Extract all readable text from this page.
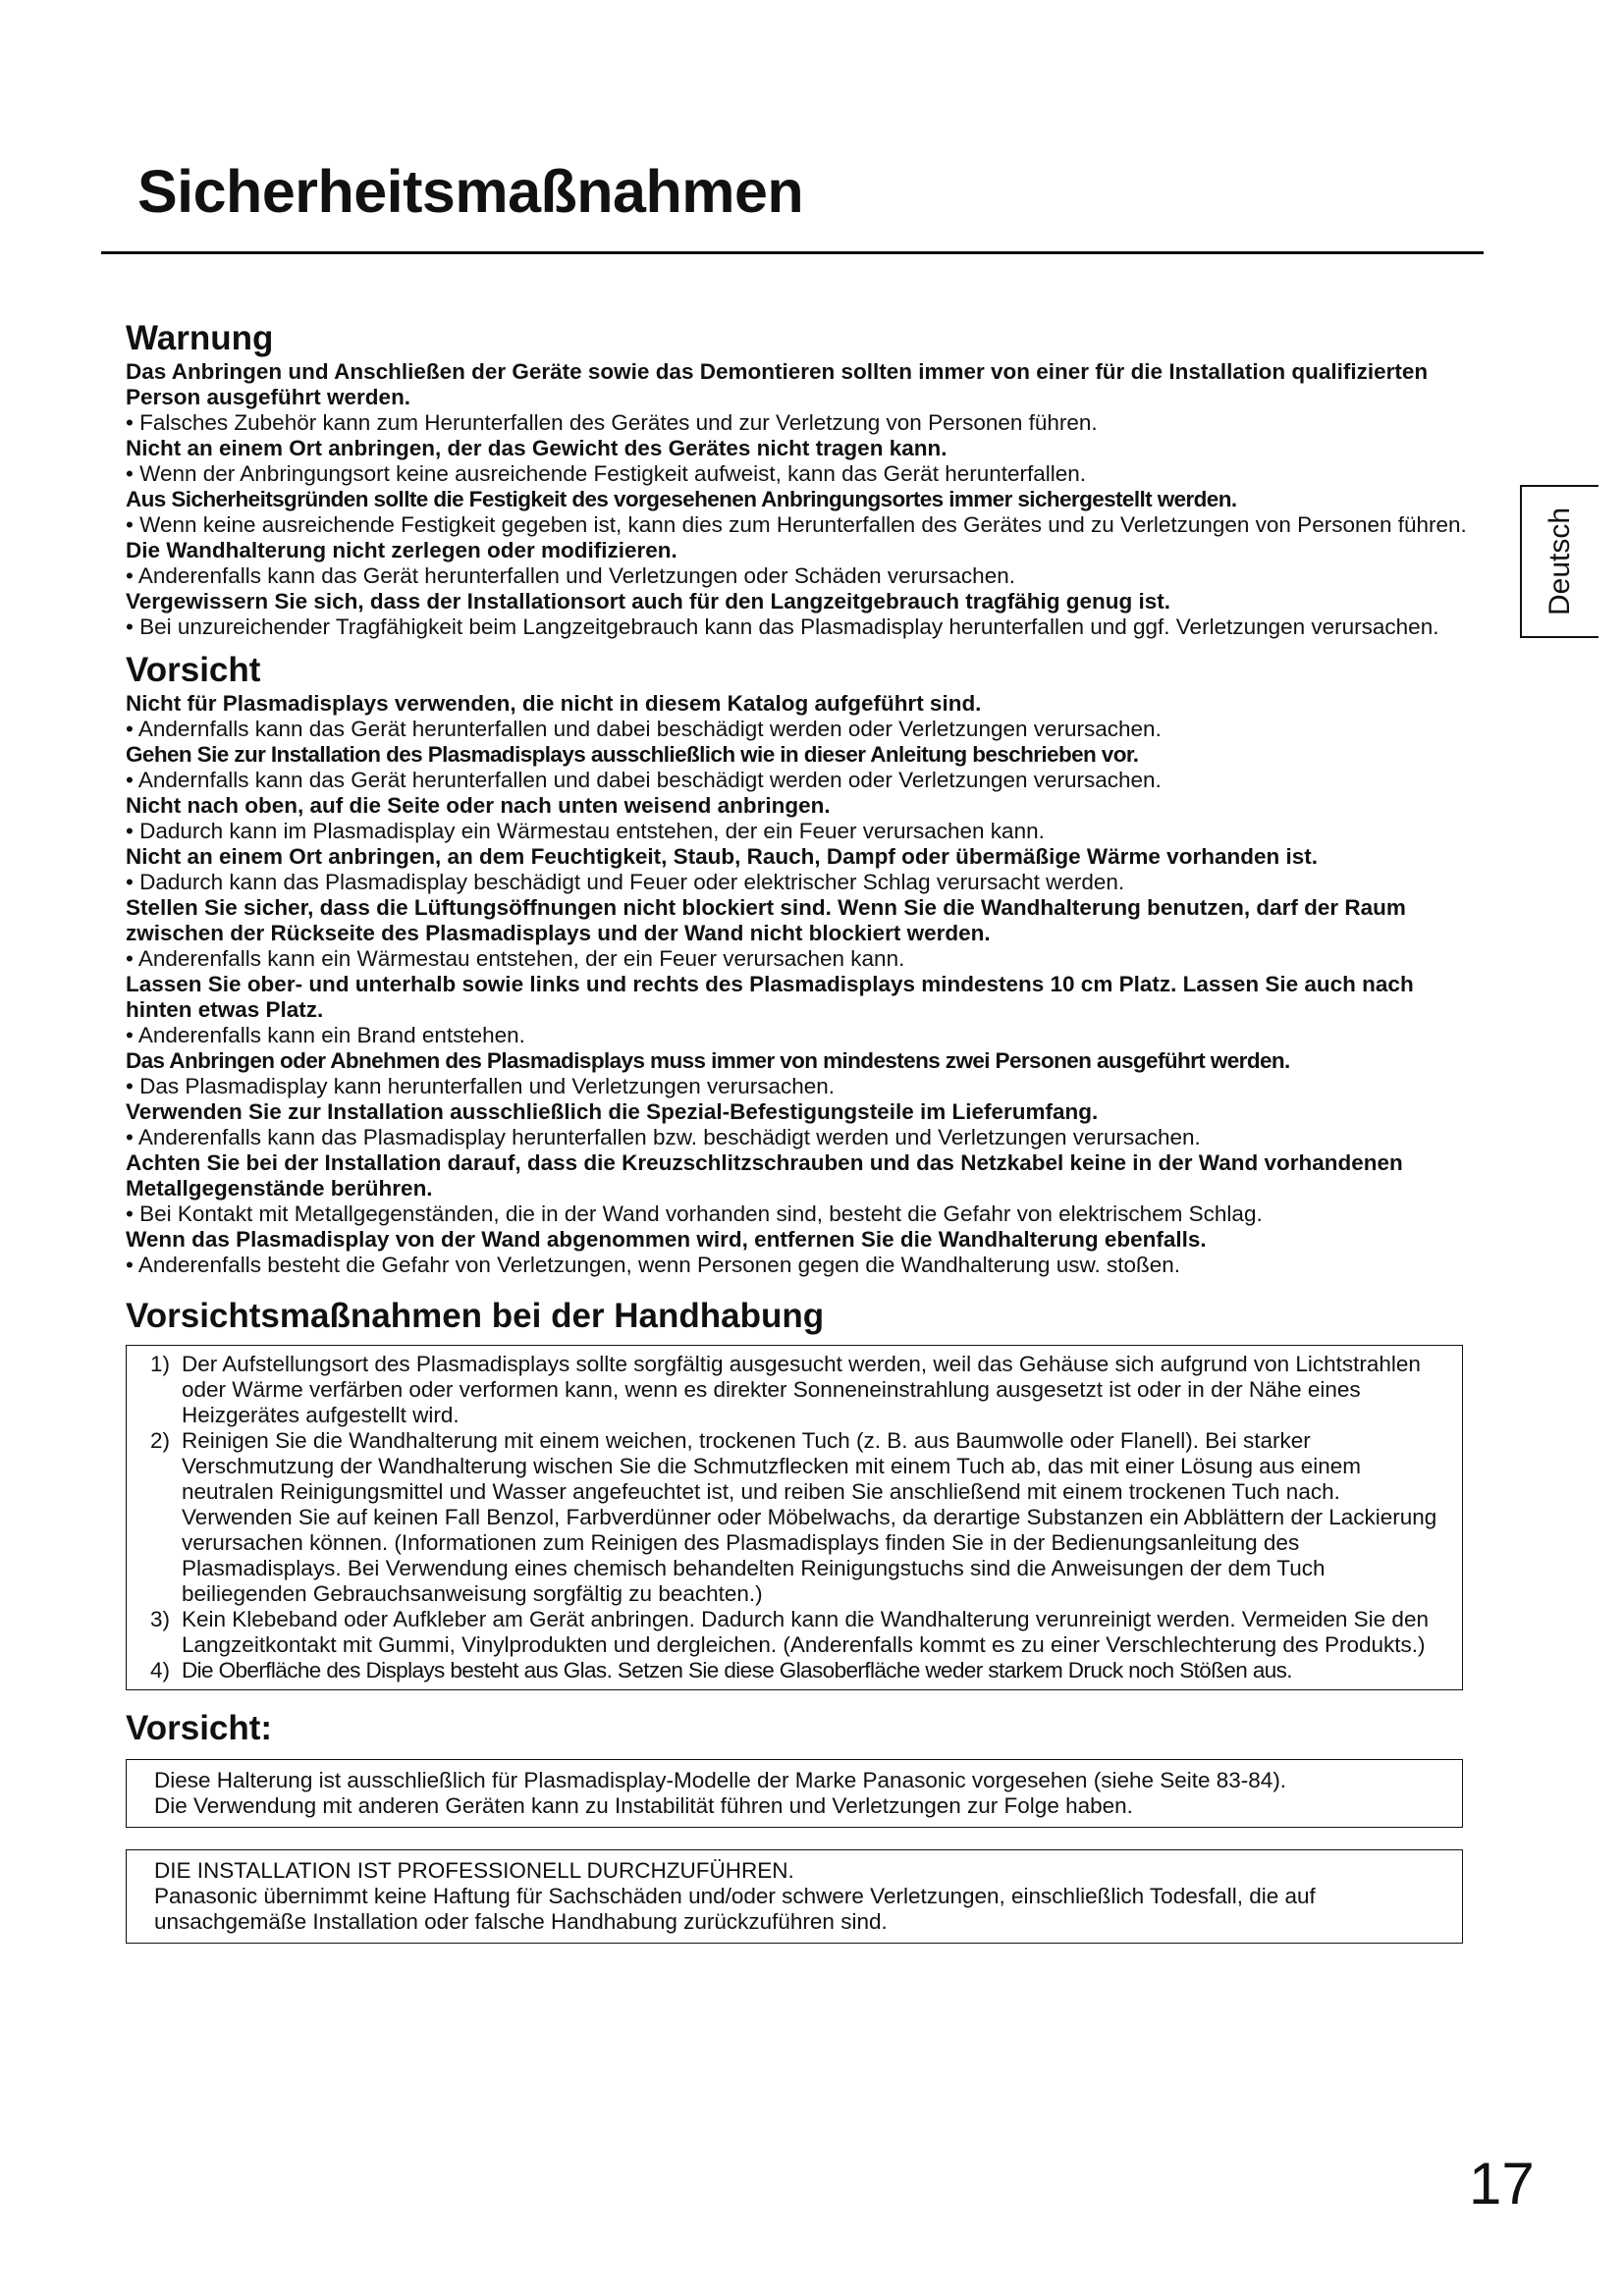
Sicherheitsmaßnahmen
Deutsch
Warnung
Das Anbringen und Anschließen der Geräte sowie das Demontieren sollten immer von einer für die Installation qualifizierten Person ausgeführt werden.
• Falsches Zubehör kann zum Herunterfallen des Gerätes und zur Verletzung von Personen führen.
Nicht an einem Ort anbringen, der das Gewicht des Gerätes nicht tragen kann.
• Wenn der Anbringungsort keine ausreichende Festigkeit aufweist, kann das Gerät herunterfallen.
Aus Sicherheitsgründen sollte die Festigkeit des vorgesehenen Anbringungsortes immer sichergestellt werden.
• Wenn keine ausreichende Festigkeit gegeben ist, kann dies zum Herunterfallen des Gerätes und zu Verletzungen von Personen führen.
Die Wandhalterung nicht zerlegen oder modifizieren.
• Anderenfalls kann das Gerät herunterfallen und Verletzungen oder Schäden verursachen.
Vergewissern Sie sich, dass der Installationsort auch für den Langzeitgebrauch tragfähig genug ist.
• Bei unzureichender Tragfähigkeit beim Langzeitgebrauch kann das Plasmadisplay herunterfallen und ggf. Verletzungen verursachen.
Vorsicht
Nicht für Plasmadisplays verwenden, die nicht in diesem Katalog aufgeführt sind.
• Andernfalls kann das Gerät herunterfallen und dabei beschädigt werden oder Verletzungen verursachen.
Gehen Sie zur Installation des Plasmadisplays ausschließlich wie in dieser Anleitung beschrieben vor.
• Andernfalls kann das Gerät herunterfallen und dabei beschädigt werden oder Verletzungen verursachen.
Nicht nach oben, auf die Seite oder nach unten weisend anbringen.
• Dadurch kann im Plasmadisplay ein Wärmestau entstehen, der ein Feuer verursachen kann.
Nicht an einem Ort anbringen, an dem Feuchtigkeit, Staub, Rauch, Dampf oder übermäßige Wärme vorhanden ist.
• Dadurch kann das Plasmadisplay beschädigt und Feuer oder elektrischer Schlag verursacht werden.
Stellen Sie sicher, dass die Lüftungsöffnungen nicht blockiert sind. Wenn Sie die Wandhalterung benutzen, darf der Raum zwischen der Rückseite des Plasmadisplays und der Wand nicht blockiert werden.
• Anderenfalls kann ein Wärmestau entstehen, der ein Feuer verursachen kann.
Lassen Sie ober- und unterhalb sowie links und rechts des Plasmadisplays mindestens 10 cm Platz. Lassen Sie auch nach hinten etwas Platz.
• Anderenfalls kann ein Brand entstehen.
Das Anbringen oder Abnehmen des Plasmadisplays muss immer von mindestens zwei Personen ausgeführt werden.
• Das Plasmadisplay kann herunterfallen und Verletzungen verursachen.
Verwenden Sie zur Installation ausschließlich die Spezial-Befestigungsteile im Lieferumfang.
• Anderenfalls kann das Plasmadisplay herunterfallen bzw. beschädigt werden und Verletzungen verursachen.
Achten Sie bei der Installation darauf, dass die Kreuzschlitzschrauben und das Netzkabel keine in der Wand vorhandenen Metallgegenstände berühren.
• Bei Kontakt mit Metallgegenständen, die in der Wand vorhanden sind, besteht die Gefahr von elektrischem Schlag.
Wenn das Plasmadisplay von der Wand abgenommen wird, entfernen Sie die Wandhalterung ebenfalls.
• Anderenfalls besteht die Gefahr von Verletzungen, wenn Personen gegen die Wandhalterung usw. stoßen.
Vorsichtsmaßnahmen bei der Handhabung
1) Der Aufstellungsort des Plasmadisplays sollte sorgfältig ausgesucht werden, weil das Gehäuse sich aufgrund von Lichtstrahlen oder Wärme verfärben oder verformen kann, wenn es direkter Sonneneinstrahlung ausgesetzt ist oder in der Nähe eines Heizgerätes aufgestellt wird.
2) Reinigen Sie die Wandhalterung mit einem weichen, trockenen Tuch (z. B. aus Baumwolle oder Flanell). Bei starker Verschmutzung der Wandhalterung wischen Sie die Schmutzflecken mit einem Tuch ab, das mit einer Lösung aus einem neutralen Reinigungsmittel und Wasser angefeuchtet ist, und reiben Sie anschließend mit einem trockenen Tuch nach. Verwenden Sie auf keinen Fall Benzol, Farbverdünner oder Möbelwachs, da derartige Substanzen ein Abblättern der Lackierung verursachen können. (Informationen zum Reinigen des Plasmadisplays finden Sie in der Bedienungsanleitung des Plasmadisplays. Bei Verwendung eines chemisch behandelten Reinigungstuchs sind die Anweisungen der dem Tuch beiliegenden Gebrauchsanweisung sorgfältig zu beachten.)
3) Kein Klebeband oder Aufkleber am Gerät anbringen. Dadurch kann die Wandhalterung verunreinigt werden. Vermeiden Sie den Langzeitkontakt mit Gummi, Vinylprodukten und dergleichen. (Anderenfalls kommt es zu einer Verschlechterung des Produkts.)
4) Die Oberfläche des Displays besteht aus Glas. Setzen Sie diese Glasoberfläche weder starkem Druck noch Stößen aus.
Vorsicht:
Diese Halterung ist ausschließlich für Plasmadisplay-Modelle der Marke Panasonic vorgesehen (siehe Seite 83-84).
Die Verwendung mit anderen Geräten kann zu Instabilität führen und Verletzungen zur Folge haben.
DIE INSTALLATION IST PROFESSIONELL DURCHZUFÜHREN.
Panasonic übernimmt keine Haftung für Sachschäden und/oder schwere Verletzungen, einschließlich Todesfall, die auf unsachgemäße Installation oder falsche Handhabung zurückzuführen sind.
17
